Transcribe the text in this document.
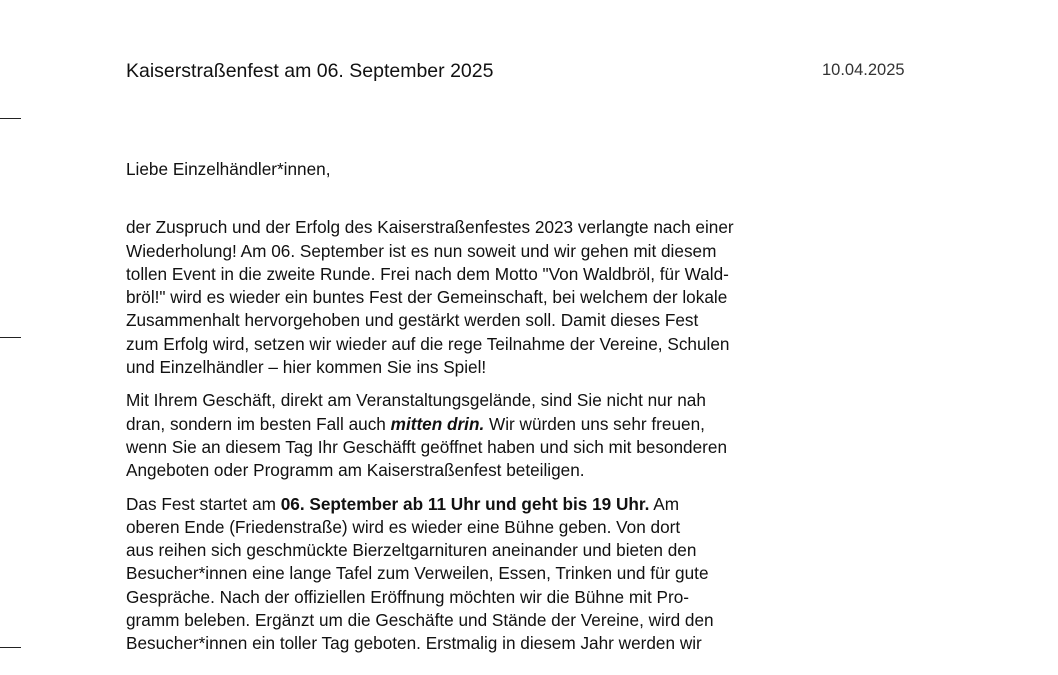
Kaiserstraßenfest am 06. September 2025	10.04.2025
Liebe Einzelhändler*innen,
der Zuspruch und der Erfolg des Kaiserstraßenfestes 2023 verlangte nach einer
Wiederholung! Am 06. September ist es nun soweit und wir gehen mit diesem
tollen Event in die zweite Runde. Frei nach dem Motto "Von Waldbröl, für Wald-
bröl!" wird es wieder ein buntes Fest der Gemeinschaft, bei welchem der lokale
Zusammenhalt hervorgehoben und gestärkt werden soll. Damit dieses Fest
zum Erfolg wird, setzen wir wieder auf die rege Teilnahme der Vereine, Schulen
und Einzelhändler – hier kommen Sie ins Spiel!
Mit Ihrem Geschäft, direkt am Veranstaltungsgelände, sind Sie nicht nur nah
dran, sondern im besten Fall auch mitten drin. Wir würden uns sehr freuen,
wenn Sie an diesem Tag Ihr Geschäfft geöffnet haben und sich mit besonderen
Angeboten oder Programm am Kaiserstraßenfest beteiligen.
Das Fest startet am 06. September ab 11 Uhr und geht bis 19 Uhr. Am
oberen Ende (Friedenstraße) wird es wieder eine Bühne geben. Von dort
aus reihen sich geschmückte Bierzeltgarnituren aneinander und bieten den
Besucher*innen eine lange Tafel zum Verweilen, Essen, Trinken und für gute
Gespräche. Nach der offiziellen Eröffnung möchten wir die Bühne mit Pro-
gramm beleben. Ergänzt um die Geschäfte und Stände der Vereine, wird den
Besucher*innen ein toller Tag geboten. Erstmalig in diesem Jahr werden wir
